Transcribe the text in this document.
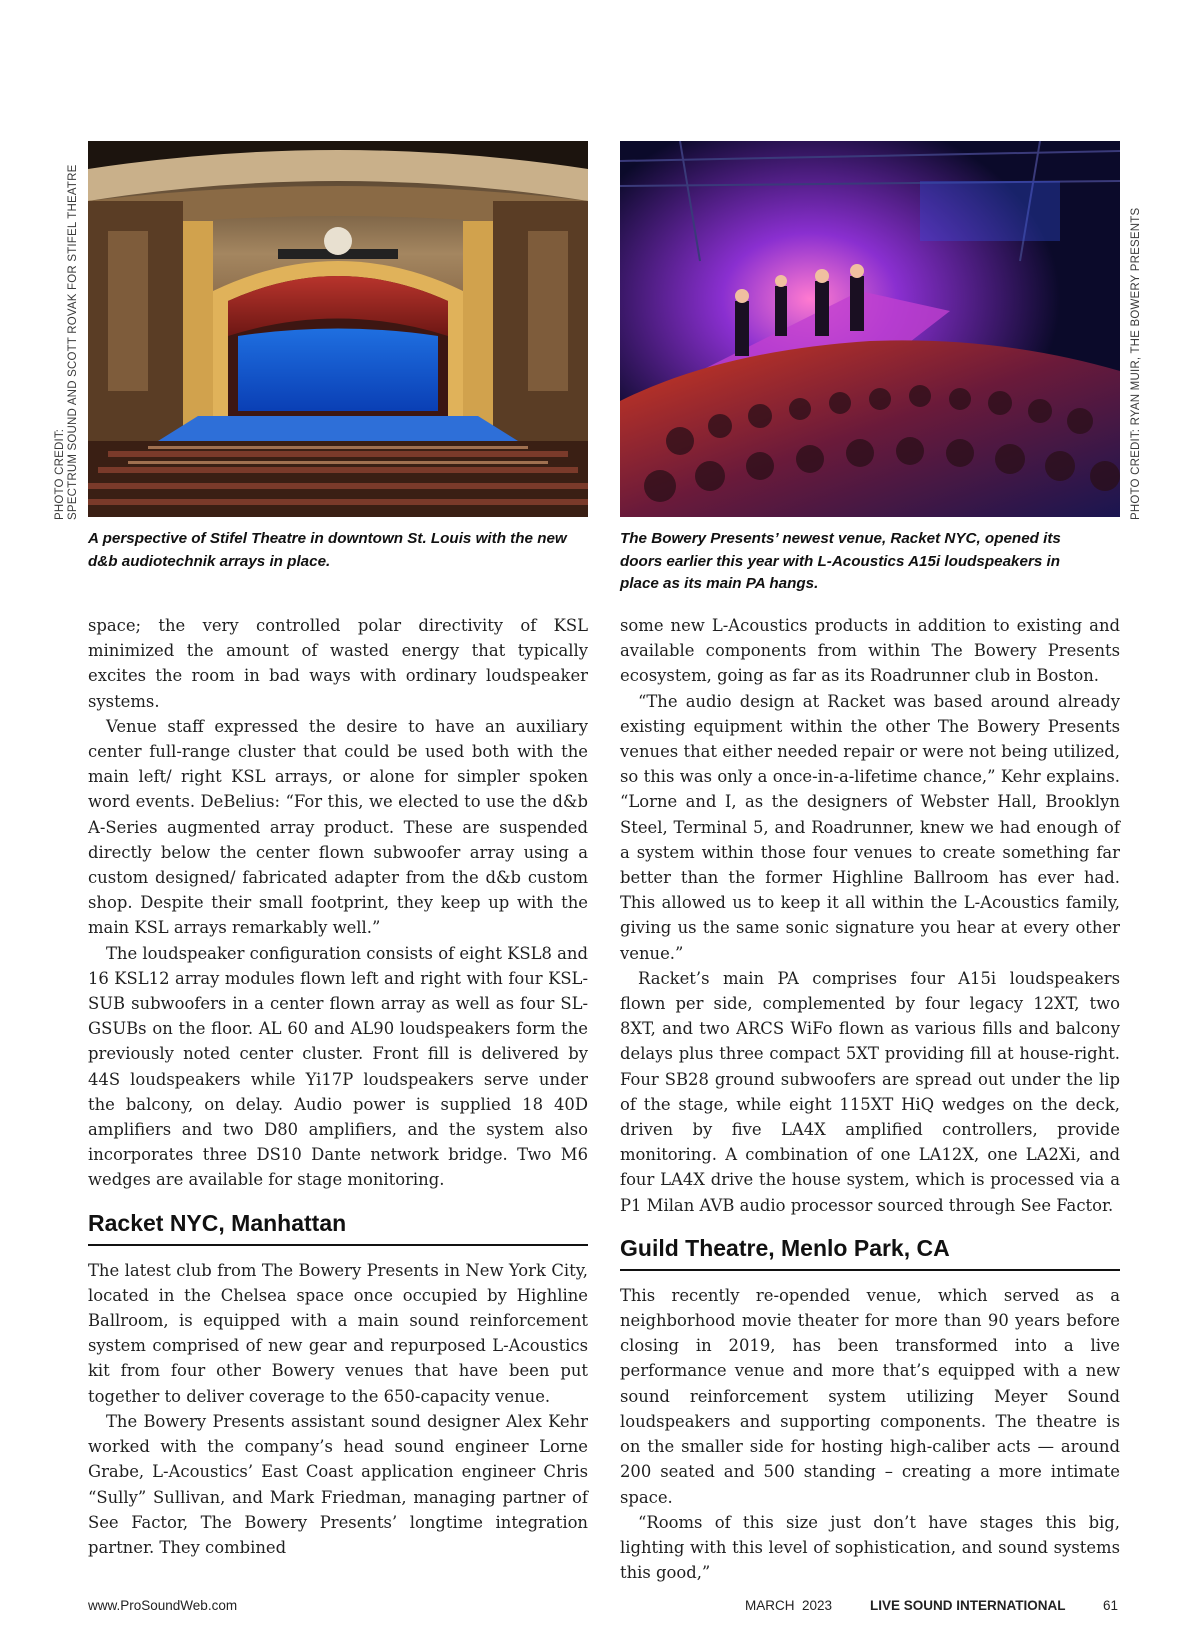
PHOTO CREDIT: SPECTRUM SOUND AND SCOTT ROVAK FOR STIFEL THEATRE
A perspective of Stifel Theatre in downtown St. Louis with the new d&b audiotechnik arrays in place.
PHOTO CREDIT: RYAN MUIR, THE BOWERY PRESENTS
The Bowery Presents’ newest venue, Racket NYC, opened its doors earlier this year with L-Acoustics A15i loudspeakers in place as its main PA hangs.

space; the very controlled polar directivity of KSL minimized the amount of wasted energy that typically excites the room in bad ways with ordinary loudspeaker systems.

Venue staff expressed the desire to have an auxiliary center full-range cluster that could be used both with the main left/ right KSL arrays, or alone for simpler spoken word events. DeBelius: “For this, we elected to use the d&b A-Series augmented array product. These are suspended directly below the center flown subwoofer array using a custom designed/ fabricated adapter from the d&b custom shop. Despite their small footprint, they keep up with the main KSL arrays remarkably well.”

The loudspeaker configuration consists of eight KSL8 and 16 KSL12 array modules flown left and right with four KSL-SUB subwoofers in a center flown array as well as four SL-GSUBs on the floor. AL 60 and AL90 loudspeakers form the previously noted center cluster. Front fill is delivered by 44S loudspeakers while Yi17P loudspeakers serve under the balcony, on delay. Audio power is supplied 18 40D amplifiers and two D80 amplifiers, and the system also incorporates three DS10 Dante network bridge. Two M6 wedges are available for stage monitoring.

Racket NYC, Manhattan

The latest club from The Bowery Presents in New York City, located in the Chelsea space once occupied by Highline Ballroom, is equipped with a main sound reinforcement system comprised of new gear and repurposed L-Acoustics kit from four other Bowery venues that have been put together to deliver coverage to the 650-capacity venue.

The Bowery Presents assistant sound designer Alex Kehr worked with the company’s head sound engineer Lorne Grabe, L-Acoustics’ East Coast application engineer Chris “Sully” Sullivan, and Mark Friedman, managing partner of See Factor, The Bowery Presents’ longtime integration partner. They combined

some new L-Acoustics products in addition to existing and available components from within The Bowery Presents ecosystem, going as far as its Roadrunner club in Boston.

“The audio design at Racket was based around already existing equipment within the other The Bowery Presents venues that either needed repair or were not being utilized, so this was only a once-in-a-lifetime chance,” Kehr explains. “Lorne and I, as the designers of Webster Hall, Brooklyn Steel, Terminal 5, and Roadrunner, knew we had enough of a system within those four venues to create something far better than the former Highline Ballroom has ever had. This allowed us to keep it all within the L-Acoustics family, giving us the same sonic signature you hear at every other venue.”

Racket’s main PA comprises four A15i loudspeakers flown per side, complemented by four legacy 12XT, two 8XT, and two ARCS WiFo flown as various fills and balcony delays plus three compact 5XT providing fill at house-right. Four SB28 ground subwoofers are spread out under the lip of the stage, while eight 115XT HiQ wedges on the deck, driven by five LA4X amplified controllers, provide monitoring. A combination of one LA12X, one LA2Xi, and four LA4X drive the house system, which is processed via a P1 Milan AVB audio processor sourced through See Factor.

Guild Theatre, Menlo Park, CA

This recently re-opended venue, which served as a neighborhood movie theater for more than 90 years before closing in 2019, has been transformed into a live performance venue and more that’s equipped with a new sound reinforcement system utilizing Meyer Sound loudspeakers and supporting components. The theatre is on the smaller side for hosting high-caliber acts — around 200 seated and 500 standing – creating a more intimate space.

“Rooms of this size just don’t have stages this big, lighting with this level of sophistication, and sound systems this good,”

www.ProSoundWeb.com	MARCH  2023	LIVE SOUND INTERNATIONAL	61
